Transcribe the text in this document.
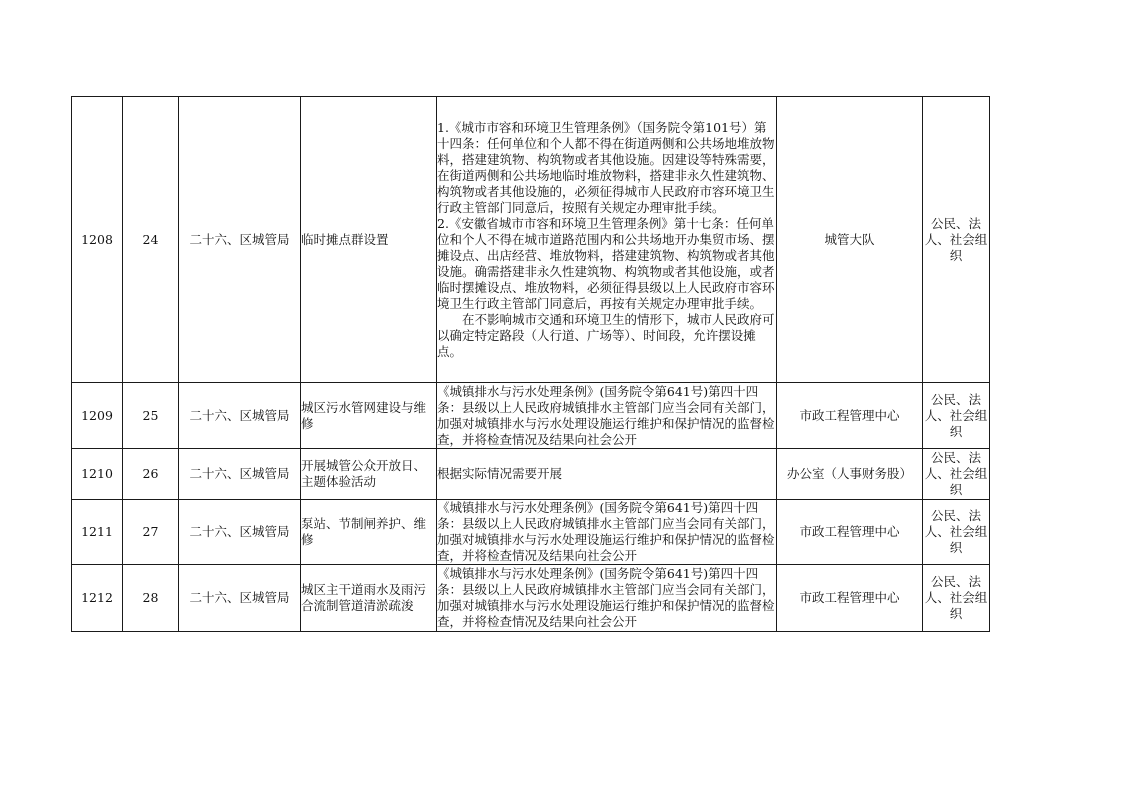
1208	24	二十六、区城管局	临时摊点群设置	1.《城市市容和环境卫生管理条例》（国务院令第101号）第十四条：任何单位和个人都不得在街道两侧和公共场地堆放物料，搭建建筑物、构筑物或者其他设施。因建设等特殊需要，在街道两侧和公共场地临时堆放物料，搭建非永久性建筑物、构筑物或者其他设施的，必须征得城市人民政府市容环境卫生行政主管部门同意后，按照有关规定办理审批手续。
2.《安徽省城市市容和环境卫生管理条例》第十七条：任何单位和个人不得在城市道路范围内和公共场地开办集贸市场、摆摊设点、出店经营、堆放物料，搭建建筑物、构筑物或者其他设施。确需搭建非永久性建筑物、构筑物或者其他设施，或者临时摆摊设点、堆放物料，必须征得县级以上人民政府市容环境卫生行政主管部门同意后，再按有关规定办理审批手续。
　　在不影响城市交通和环境卫生的情形下，城市人民政府可以确定特定路段（人行道、广场等）、时间段，允许摆设摊点。	城管大队	公民、法人、社会组织
1209	25	二十六、区城管局	城区污水管网建设与维修	《城镇排水与污水处理条例》(国务院令第641号)第四十四条：县级以上人民政府城镇排水主管部门应当会同有关部门，加强对城镇排水与污水处理设施运行维护和保护情况的监督检查，并将检查情况及结果向社会公开	市政工程管理中心	公民、法人、社会组织
1210	26	二十六、区城管局	开展城管公众开放日、主题体验活动	根据实际情况需要开展	办公室（人事财务股）	公民、法人、社会组织
1211	27	二十六、区城管局	泵站、节制闸养护、维修	《城镇排水与污水处理条例》(国务院令第641号)第四十四条：县级以上人民政府城镇排水主管部门应当会同有关部门，加强对城镇排水与污水处理设施运行维护和保护情况的监督检查，并将检查情况及结果向社会公开	市政工程管理中心	公民、法人、社会组织
1212	28	二十六、区城管局	城区主干道雨水及雨污合流制管道清淤疏浚	《城镇排水与污水处理条例》(国务院令第641号)第四十四条：县级以上人民政府城镇排水主管部门应当会同有关部门，加强对城镇排水与污水处理设施运行维护和保护情况的监督检查，并将检查情况及结果向社会公开	市政工程管理中心	公民、法人、社会组织
